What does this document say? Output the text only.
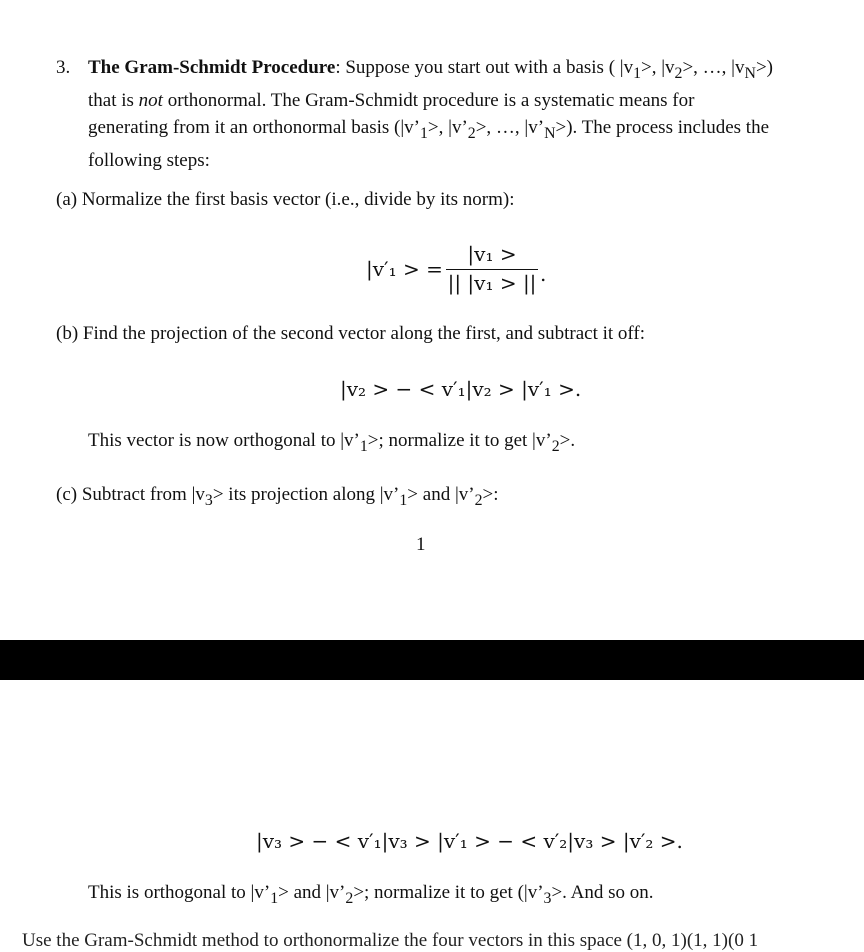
3. The Gram-Schmidt Procedure: Suppose you start out with a basis ( $|v_1>$, $|v_2>$, …, $|v_N>$)
that is not orthonormal. The Gram-Schmidt procedure is a systematic means for
generating from it an orthonormal basis ($|v’_1>$, $|v’_2>$, …, $|v’_N>$). The process includes the
following steps:
(a) Normalize the first basis vector (i.e., divide by its norm):
|v′₁ > =
|v₁ >
|| |v₁ > || .
(b) Find the projection of the second vector along the first, and subtract it off:
|v₂ > − < v′₁|v₂ > |v′₁ >.
This vector is now orthogonal to $|v’_1>$; normalize it to get $|v’_2>$.
(c) Subtract from $|v_3>$ its projection along $|v’_1>$ and $|v’_2>$:
1
|v₃ > − < v′₁|v₃ > |v′₁ > − < v′₂|v₃ > |v′₂ >.
This is orthogonal to $|v’_1>$ and $|v’_2>$; normalize it to get ($|v’_3>$. And so on.
Use the Gram-Schmidt method to orthonormalize the four vectors in this space (1, 0, 1)(1, 1)(0 1
